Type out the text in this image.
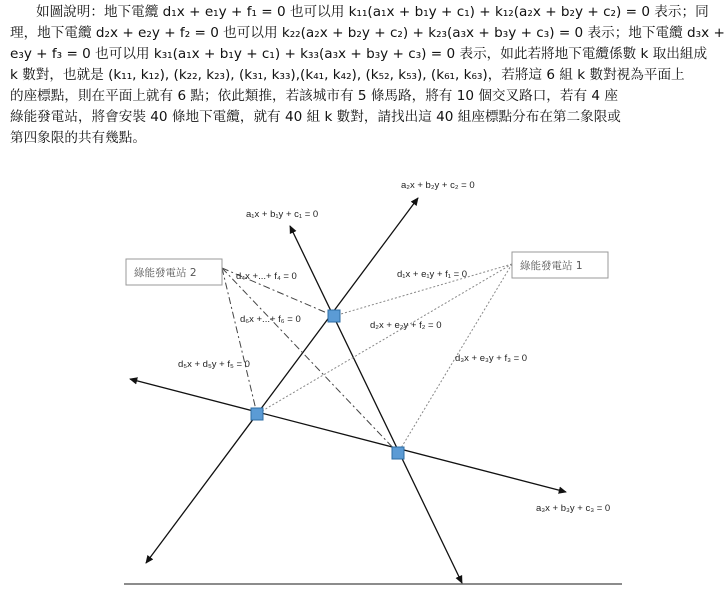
綠能發電站 2
綠能發電站 1
a₁x + b₁y + c₁ = 0
a₂x + b₂y + c₂ = 0
a₃x + b₃y + c₃ = 0
d₁x + e₁y + f₁ = 0
d₂x + e₂y + f₂ = 0
d₃x + e₃y + f₃ = 0
d₄x +...+ f₄ = 0
d₅x + d₅y + f₅ = 0
d₆x +...+ f₆ = 0
如圖說明：地下電纜 d₁x + e₁y + f₁ = 0 也可以用 k₁₁(a₁x + b₁y + c₁) + k₁₂(a₂x + b₂y + c₂) = 0 表示；同
理，地下電纜 d₂x + e₂y + f₂ = 0 也可以用 k₂₂(a₂x + b₂y + c₂) + k₂₃(a₃x + b₃y + c₃) = 0 表示；地下電纜 d₃x +
e₃y + f₃ = 0 也可以用 k₃₁(a₁x + b₁y + c₁) + k₃₃(a₃x + b₃y + c₃) = 0 表示，如此若將地下電纜係數 k 取出組成
k 數對，也就是 (k₁₁, k₁₂), (k₂₂, k₂₃), (k₃₁, k₃₃),(k₄₁, k₄₂), (k₅₂, k₅₃), (k₆₁, k₆₃)，若將這 6 組 k 數對視為平面上
的座標點，則在平面上就有 6 點；依此類推，若該城市有 5 條馬路，將有 10 個交叉路口，若有 4 座
綠能發電站，將會安裝 40 條地下電纜，就有 40 組 k 數對，請找出這 40 組座標點分布在第二象限或
第四象限的共有幾點。
